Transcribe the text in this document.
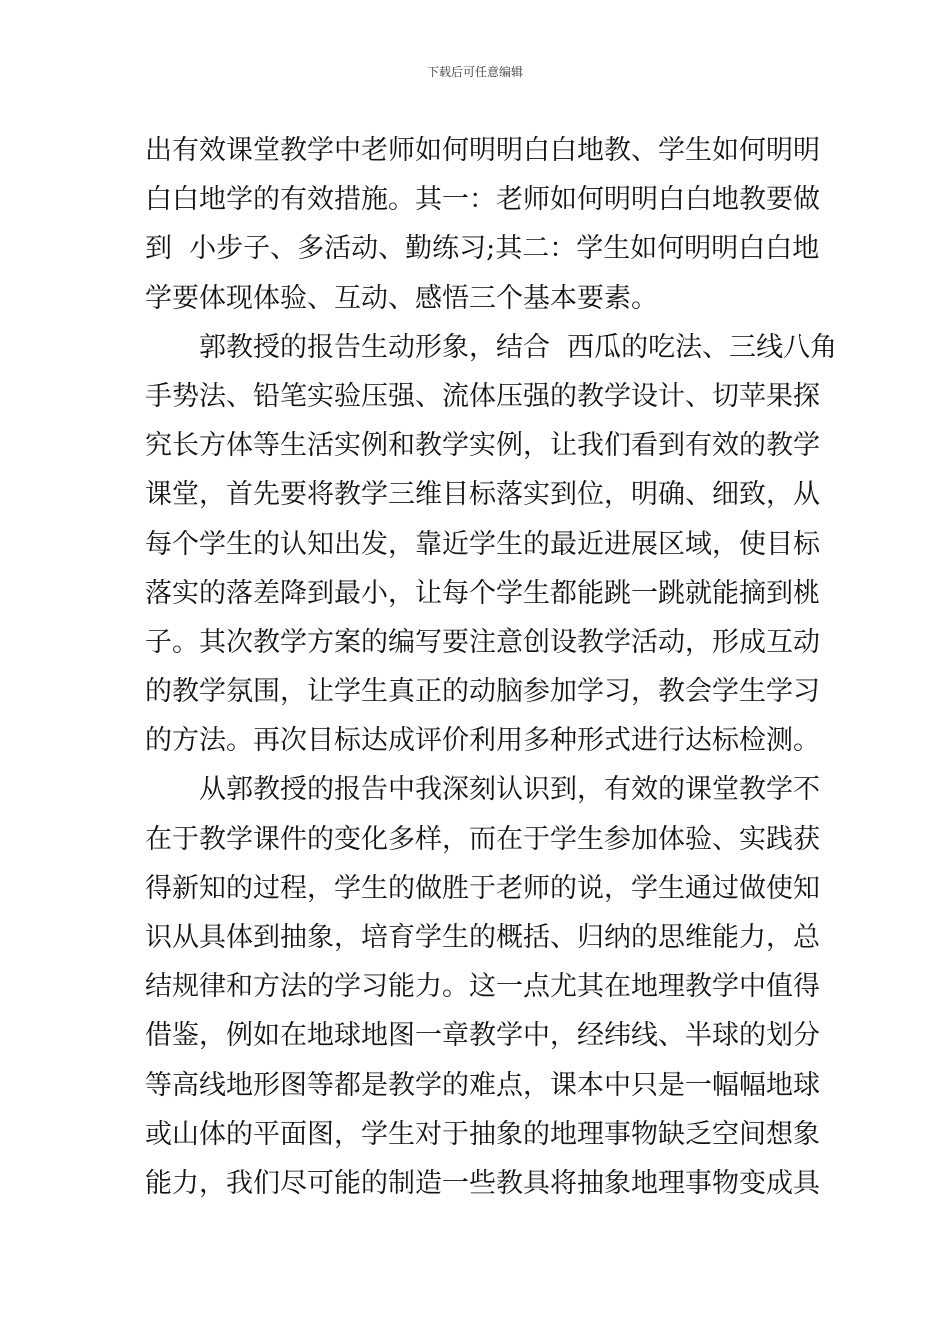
下载后可任意编辑
出有效课堂教学中老师如何明明白白地教、学生如何明明
白白地学的有效措施。其一：老师如何明明白白地教要做
到  小步子、多活动、勤练习;其二：学生如何明明白白地
学要体现体验、互动、感悟三个基本要素。
郭教授的报告生动形象，结合  西瓜的吃法、三线八角
手势法、铅笔实验压强、流体压强的教学设计、切苹果探
究长方体等生活实例和教学实例，让我们看到有效的教学
课堂，首先要将教学三维目标落实到位，明确、细致，从
每个学生的认知出发，靠近学生的最近进展区域，使目标
落实的落差降到最小，让每个学生都能跳一跳就能摘到桃
子。其次教学方案的编写要注意创设教学活动，形成互动
的教学氛围，让学生真正的动脑参加学习，教会学生学习
的方法。再次目标达成评价利用多种形式进行达标检测。
从郭教授的报告中我深刻认识到，有效的课堂教学不
在于教学课件的变化多样，而在于学生参加体验、实践获
得新知的过程，学生的做胜于老师的说，学生通过做使知
识从具体到抽象，培育学生的概括、归纳的思维能力，总
结规律和方法的学习能力。这一点尤其在地理教学中值得
借鉴，例如在地球地图一章教学中，经纬线、半球的划分
等高线地形图等都是教学的难点，课本中只是一幅幅地球
或山体的平面图，学生对于抽象的地理事物缺乏空间想象
能力，我们尽可能的制造一些教具将抽象地理事物变成具
